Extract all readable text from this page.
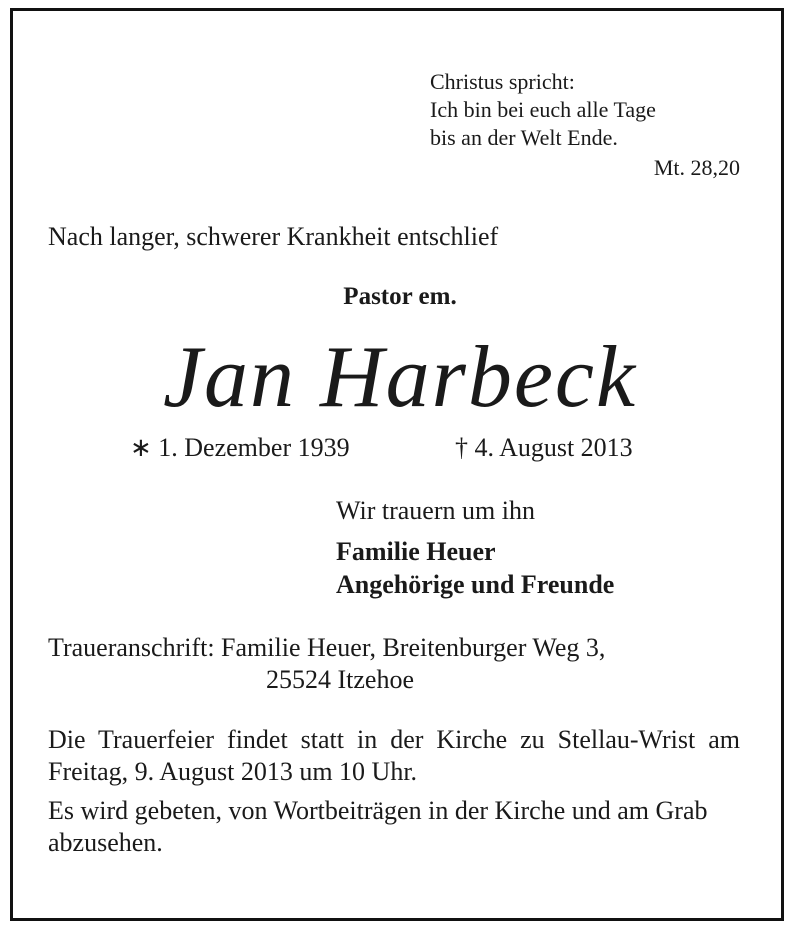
Christus spricht:
Ich bin bei euch alle Tage
bis an der Welt Ende.
Mt. 28,20
Nach langer, schwerer Krankheit entschlief
Pastor em.
Jan Harbeck
∗ 1. Dezember 1939	† 4. August 2013
Wir trauern um ihn
Familie Heuer
Angehörige und Freunde
Traueranschrift: Familie Heuer, Breitenburger Weg 3,
25524 Itzehoe
Die Trauerfeier findet statt in der Kirche zu Stellau-Wrist am Freitag, 9. August 2013 um 10 Uhr.
Es wird gebeten, von Wortbeiträgen in der Kirche und am Grab abzusehen.
